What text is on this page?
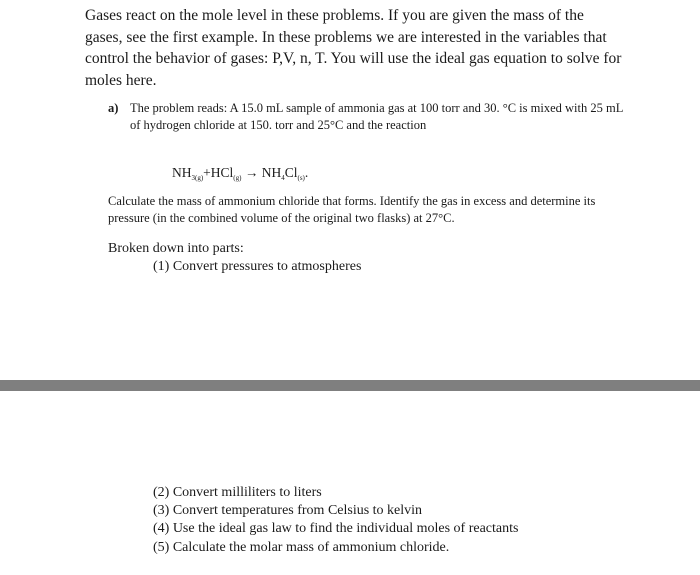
Gases react on the mole level in these problems. If you are given the mass of the gases, see the first example. In these problems we are interested in the variables that control the behavior of gases: P,V, n, T. You will use the ideal gas equation to solve for moles here.
a) The problem reads: A 15.0 mL sample of ammonia gas at 100 torr and 30. °C is mixed with 25 mL of hydrogen chloride at 150. torr and 25°C and the reaction
$NH_{3(g)}+HCl_{(g)} \to NH_4Cl_{(s)}$.
Calculate the mass of ammonium chloride that forms. Identify the gas in excess and determine its pressure (in the combined volume of the original two flasks) at 27°C.
Broken down into parts:
(1) Convert pressures to atmospheres
(2) Convert milliliters to liters
(3) Convert temperatures from Celsius to kelvin
(4) Use the ideal gas law to find the individual moles of reactants
(5) Calculate the molar mass of ammonium chloride.
